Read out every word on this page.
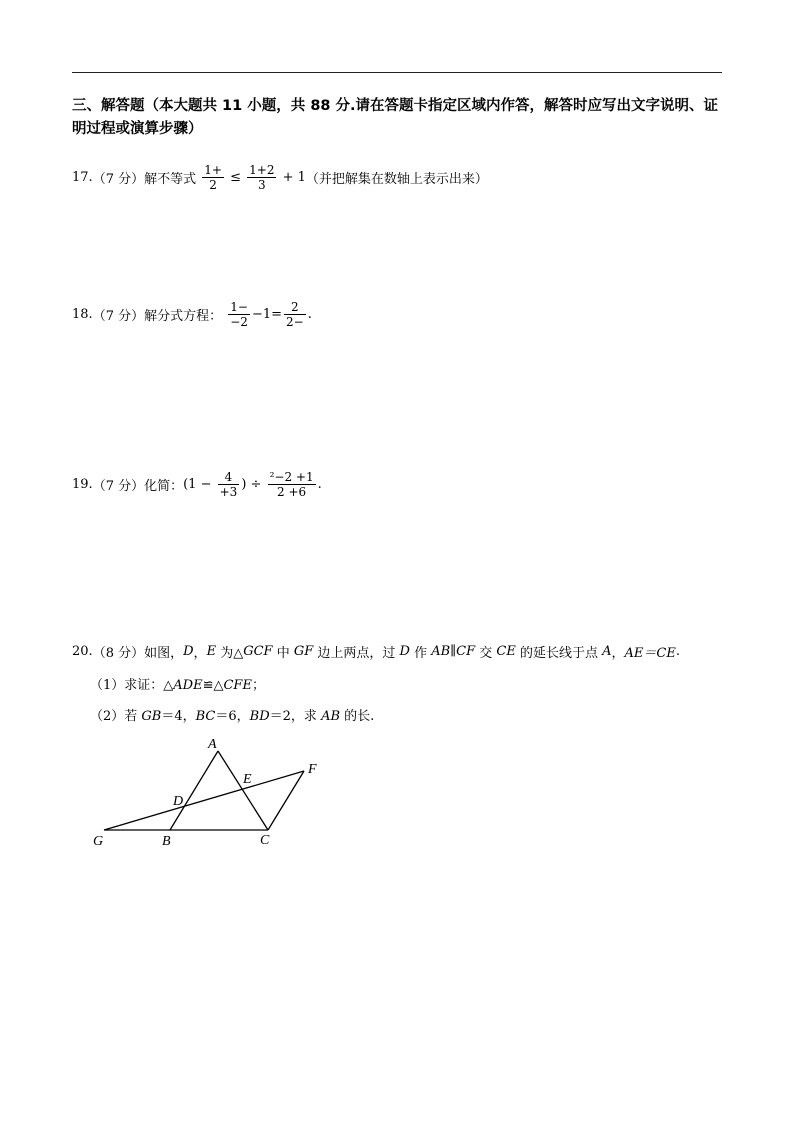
三、解答题（本大题共 11 小题，共 88 分.请在答题卡指定区域内作答，解答时应写出文字说明、证明过程或演算步骤）
17.（7 分）解不等式 $\frac{1+}{2} \le \frac{1+2}{3} + 1$（并把解集在数轴上表示出来）
18.（7 分）解分式方程： $\frac{1-}{-2} -1= \frac{2}{2-}$ .
19.（7 分）化简：($1 - \frac{4}{+3}$ ) ÷ $\frac{\text{²−2 +1}}{2 +6}$ .
20.（8 分）如图，D，E 为△GCF 中 GF 边上两点，过 D 作 AB∥CF 交 CE 的延长线于点 A，AE＝CE.
（1）求证：△ADE≌△CFE；
（2）若 GB＝4，BC＝6，BD＝2，求 AB 的长.
A
E
F
D
G	B	C
